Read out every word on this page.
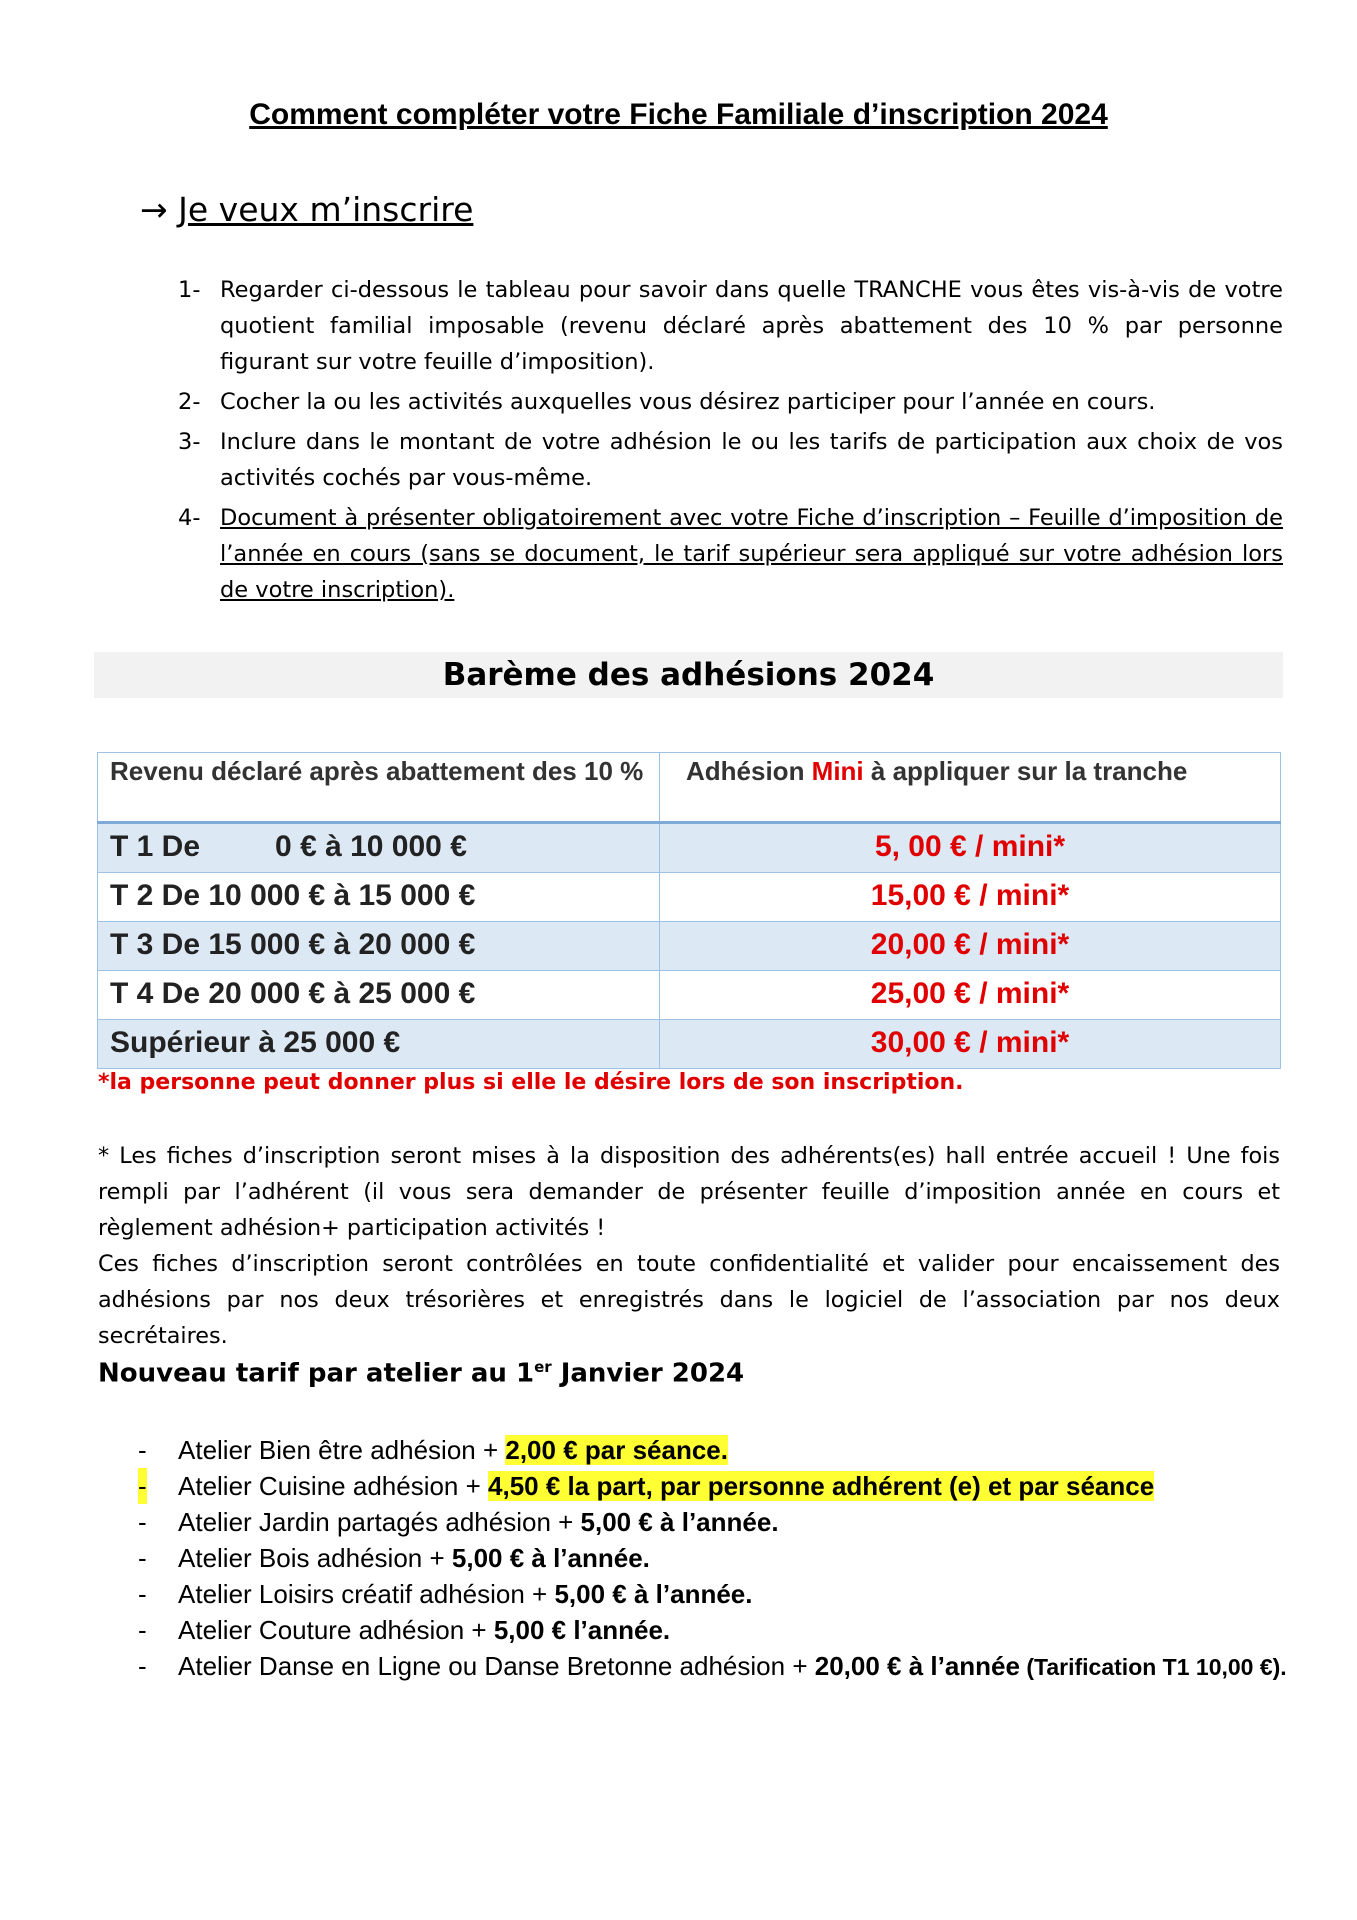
Comment compléter votre Fiche Familiale d’inscription 2024
→ Je veux m’inscrire
1- Regarder ci-dessous le tableau pour savoir dans quelle TRANCHE vous êtes vis-à-vis de votre quotient familial imposable (revenu déclaré après abattement des 10 % par personne figurant sur votre feuille d’imposition).
2- Cocher la ou les activités auxquelles vous désirez participer pour l’année en cours.
3- Inclure dans le montant de votre adhésion le ou les tarifs de participation aux choix de vos activités cochés par vous-même.
4- Document à présenter obligatoirement avec votre Fiche d’inscription – Feuille d’imposition de l’année en cours (sans se document, le tarif supérieur sera appliqué sur votre adhésion lors de votre inscription).
Barème des adhésions 2024
Revenu déclaré après abattement des 10 %	Adhésion Mini à appliquer sur la tranche
T 1 De         0 € à 10 000 €	5, 00 € / mini*
T 2 De 10 000 € à 15 000 €	15,00 € / mini*
T 3 De 15 000 € à 20 000 €	20,00 € / mini*
T 4 De 20 000 € à 25 000 €	25,00 € / mini*
Supérieur à 25 000 €	30,00 € / mini*
*la personne peut donner plus si elle le désire lors de son inscription.

* Les fiches d’inscription seront mises à la disposition des adhérents(es) hall entrée accueil ! Une fois rempli par l’adhérent (il vous sera demander de présenter feuille d’imposition année en cours et règlement adhésion+ participation activités !

Ces fiches d’inscription seront contrôlées en toute confidentialité et valider pour encaissement des adhésions par nos deux trésorières et enregistrés dans le logiciel de l’association par nos deux secrétaires.

Nouveau tarif par atelier au 1er Janvier 2024
- Atelier Bien être adhésion + 2,00 € par séance.
- Atelier Cuisine adhésion + 4,50 € la part, par personne adhérent (e) et par séance
- Atelier Jardin partagés adhésion + 5,00 € à l’année.
- Atelier Bois adhésion + 5,00 € à l’année.
- Atelier Loisirs créatif adhésion + 5,00 € à l’année.
- Atelier Couture adhésion + 5,00 € l’année.
- Atelier Danse en Ligne ou Danse Bretonne adhésion + 20,00 € à l’année (Tarification T1 10,00 €).
